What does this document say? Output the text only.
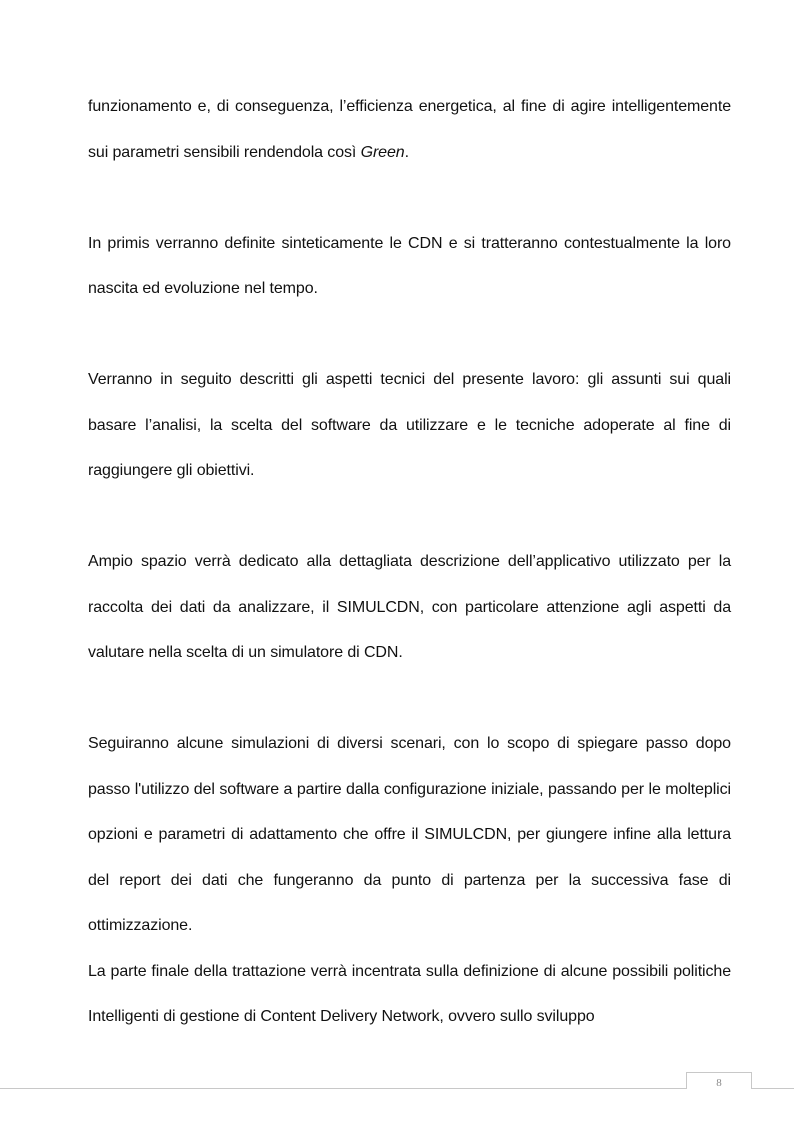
funzionamento e, di conseguenza, l’efficienza energetica, al fine di agire intelligentemente sui parametri sensibili rendendola così Green.

In primis verranno definite sinteticamente le CDN e si tratteranno contestualmente la loro nascita ed evoluzione nel tempo.

Verranno in seguito descritti gli aspetti tecnici del presente lavoro: gli assunti sui quali basare l’analisi, la scelta del software da utilizzare e le tecniche adoperate al fine di raggiungere gli obiettivi.

Ampio spazio verrà dedicato alla dettagliata descrizione dell’applicativo utilizzato per la raccolta dei dati da analizzare, il SIMULCDN, con particolare attenzione agli aspetti da valutare nella scelta di un simulatore di CDN.

Seguiranno alcune simulazioni di diversi scenari, con lo scopo di spiegare passo dopo passo l'utilizzo del software a partire dalla configurazione iniziale, passando per le molteplici opzioni e parametri di adattamento che offre il SIMULCDN, per giungere infine alla lettura del report dei dati che fungeranno da punto di partenza per la successiva fase di ottimizzazione.

La parte finale della trattazione verrà incentrata sulla definizione di alcune possibili politiche Intelligenti di gestione di Content Delivery Network, ovvero sullo sviluppo

8
